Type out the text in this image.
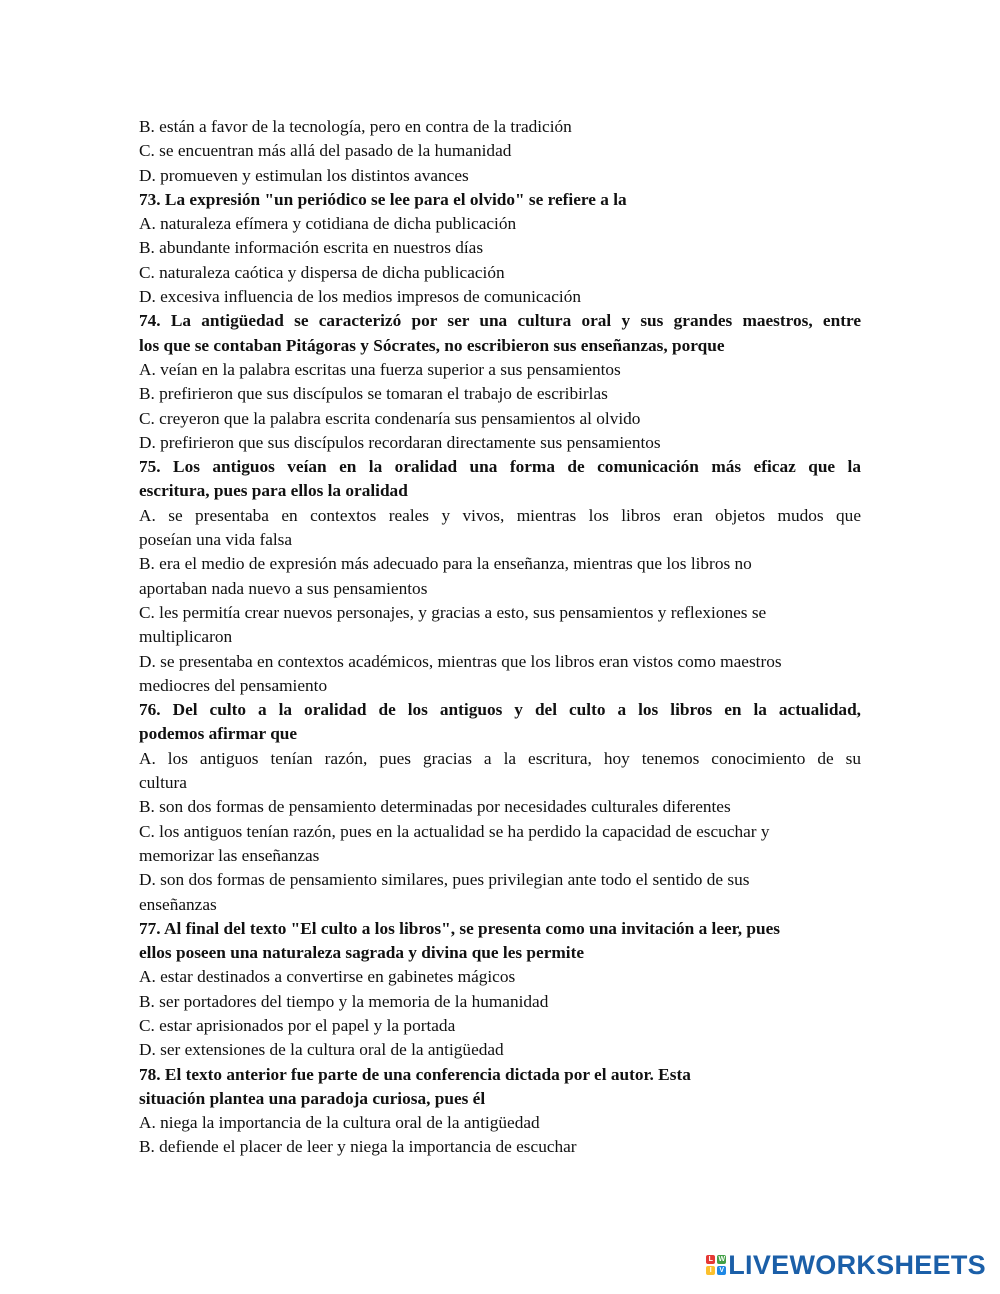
B. están a favor de la tecnología, pero en contra de la tradición

C. se encuentran más allá del pasado de la humanidad

D. promueven y estimulan los distintos avances

73. La expresión "un periódico se lee para el olvido" se refiere a la

A. naturaleza efímera y cotidiana de dicha publicación

B. abundante información escrita en nuestros días

C. naturaleza caótica y dispersa de dicha publicación

D. excesiva influencia de los medios impresos de comunicación

74. La antigüedad se caracterizó por ser una cultura oral y sus grandes maestros, entre

los que se contaban Pitágoras y Sócrates, no escribieron sus enseñanzas, porque

A. veían en la palabra escritas una fuerza superior a sus pensamientos

B. prefirieron que sus discípulos se tomaran el trabajo de escribirlas

C. creyeron que la palabra escrita condenaría sus pensamientos al olvido

D. prefirieron que sus discípulos recordaran directamente sus pensamientos

75. Los antiguos veían en la oralidad una forma de comunicación más eficaz que la

escritura, pues para ellos la oralidad

A. se presentaba en contextos reales y vivos, mientras los libros eran objetos mudos que

poseían una vida falsa

B. era el medio de expresión más adecuado para la enseñanza, mientras que los libros no

aportaban nada nuevo a sus pensamientos

C. les permitía crear nuevos personajes, y gracias a esto, sus pensamientos y reflexiones se

multiplicaron

D. se presentaba en contextos académicos, mientras que los libros eran vistos como maestros

mediocres del pensamiento

76. Del culto a la oralidad de los antiguos y del culto a los libros en la actualidad,

podemos afirmar que

A. los antiguos tenían razón, pues gracias a la escritura, hoy tenemos conocimiento de su

cultura

B. son dos formas de pensamiento determinadas por necesidades culturales diferentes

C. los antiguos tenían razón, pues en la actualidad se ha perdido la capacidad de escuchar y

memorizar las enseñanzas

D. son dos formas de pensamiento similares, pues privilegian ante todo el sentido de sus

enseñanzas

77. Al final del texto "El culto a los libros", se presenta como una invitación a leer, pues

ellos poseen una naturaleza sagrada y divina que les permite

A. estar destinados a convertirse en gabinetes mágicos

B. ser portadores del tiempo y la memoria de la humanidad

C. estar aprisionados por el papel y la portada

D. ser extensiones de la cultura oral de la antigüedad

78. El texto anterior fue parte de una conferencia dictada por el autor. Esta

situación plantea una paradoja curiosa, pues él

A. niega la importancia de la cultura oral de la antigüedad

B. defiende el placer de leer y niega la importancia de escuchar

L W
I	V LIVEWORKSHEETS
